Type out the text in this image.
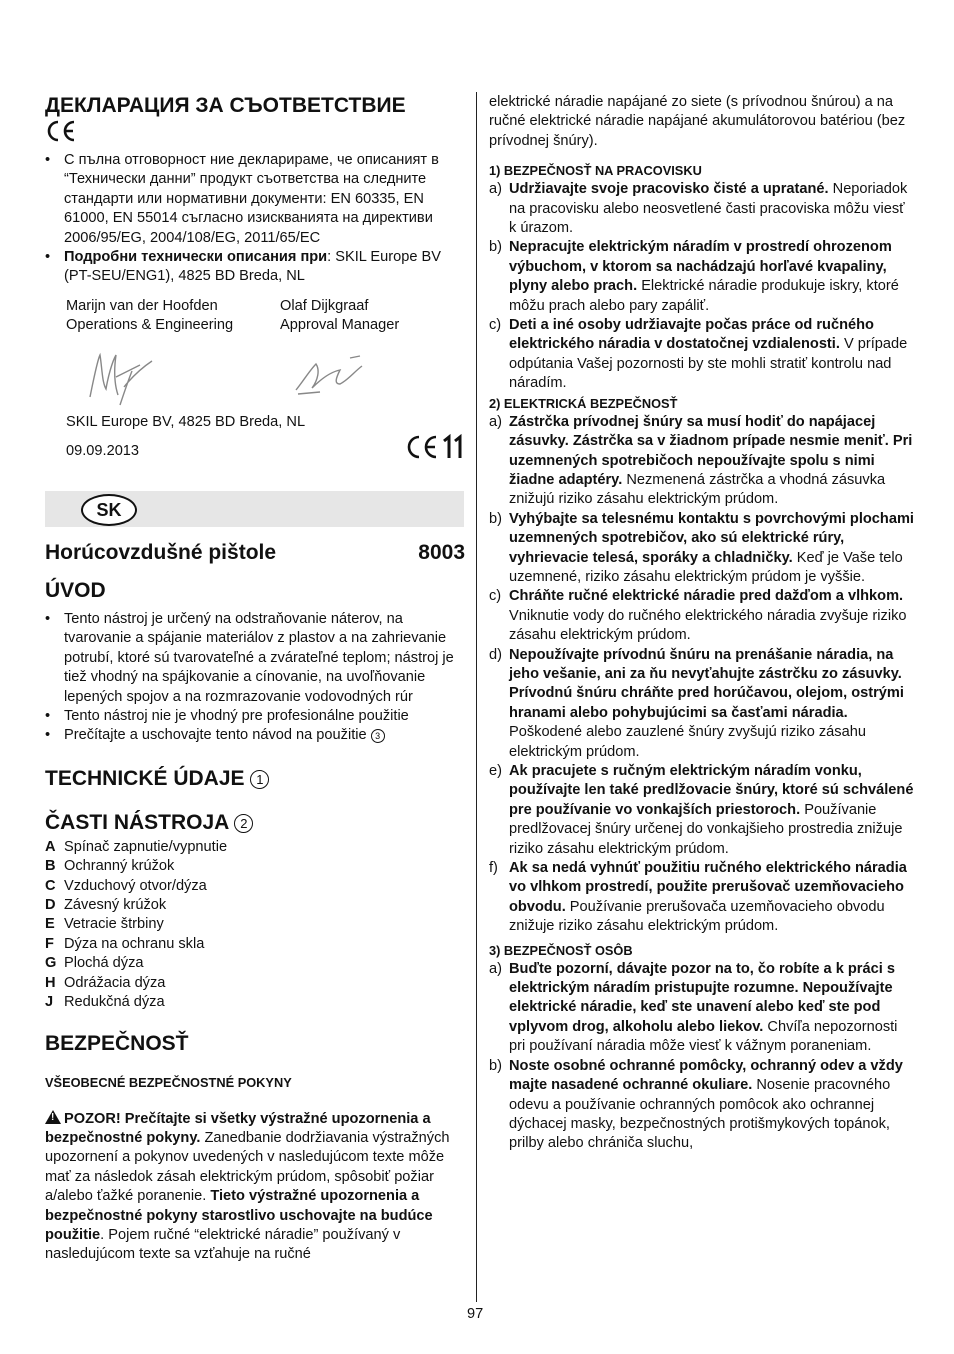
ДЕКЛАРАЦИЯ ЗА СЪОТВЕТСТВИЕ
• С пълна отговорност ние декларираме, че описаният в “Технически данни” продукт съответства на следните стандарти или нормативни документи: EN 60335, EN 61000, EN 55014 съгласно изискванията на директиви 2006/95/EG, 2004/108/EG, 2011/65/EC
• Подробни технически описания при: SKIL Europe BV (PT-SEU/ENG1), 4825 BD Breda, NL
Marijn van der Hoofden
Operations & Engineering
Olaf Dijkgraaf
Approval Manager
SKIL Europe BV, 4825 BD Breda, NL
09.09.2013
SK
Horúcovzdušné pištole	8003
ÚVOD
• Tento nástroj je určený na odstraňovanie náterov, na tvarovanie a spájanie materiálov z plastov a na zahrievanie potrubí, ktoré sú tvarovateľné a zvárateľné teplom; nástroj je tiež vhodný na spájkovanie a cínovanie, na uvoľňovanie lepených spojov a na rozmrazovanie vodovodných rúr
• Tento nástroj nie je vhodný pre profesionálne použitie
• Prečítajte a uschovajte tento návod na použitie 3
TECHNICKÉ ÚDAJE 1
ČASTI NÁSTROJA 2
A Spínač zapnutie/vypnutie
B Ochranný krúžok
C Vzduchový otvor/dýza
D Závesný krúžok
E Vetracie štrbiny
F Dýza na ochranu skla
G Plochá dýza
H Odrážacia dýza
J Redukčná dýza
BEZPEČNOSŤ
VŠEOBECNÉ BEZPEČNOSTNÉ POKYNY
!POZOR! Prečítajte si všetky výstražné upozornenia a bezpečnostné pokyny. Zanedbanie dodržiavania výstražných upozornení a pokynov uvedených v nasledujúcom texte môže mať za následok zásah elektrickým prúdom, spôsobiť požiar a/alebo ťažké poranenie. Tieto výstražné upozornenia a bezpečnostné pokyny starostlivo uschovajte na budúce použitie. Pojem ručné “elektrické náradie” používaný v nasledujúcom texte sa vzťahuje na ručné
elektrické náradie napájané zo siete (s prívodnou šnúrou) a na ručné elektrické náradie napájané akumulátorovou batériou (bez prívodnej šnúry).
1) BEZPEČNOSŤ NA PRACOVISKU
a) Udržiavajte svoje pracovisko čisté a upratané. Neporiadok na pracovisku alebo neosvetlené časti pracoviska môžu viesť k úrazom.
b) Nepracujte elektrickým náradím v prostredí ohrozenom výbuchom, v ktorom sa nachádzajú horľavé kvapaliny, plyny alebo prach. Elektrické náradie produkuje iskry, ktoré môžu prach alebo pary zapáliť.
c) Deti a iné osoby udržiavajte počas práce od ručného elektrického náradia v dostatočnej vzdialenosti. V prípade odpútania Vašej pozornosti by ste mohli stratiť kontrolu nad náradím.
2) ELEKTRICKÁ BEZPEČNOSŤ
a) Zástrčka prívodnej šnúry sa musí hodiť do napájacej zásuvky. Zástrčka sa v žiadnom prípade nesmie meniť. Pri uzemnených spotrebičoch nepoužívajte spolu s nimi žiadne adaptéry. Nezmenená zástrčka a vhodná zásuvka znižujú riziko zásahu elektrickým prúdom.
b) Vyhýbajte sa telesnému kontaktu s povrchovými plochami uzemnených spotrebičov, ako sú elektrické rúry, vyhrievacie telesá, sporáky a chladničky. Keď je Vaše telo uzemnené, riziko zásahu elektrickým prúdom je vyššie.
c) Chráňte ručné elektrické náradie pred dažďom a vlhkom. Vniknutie vody do ručného elektrického náradia zvyšuje riziko zásahu elektrickým prúdom.
d) Nepoužívajte prívodnú šnúru na prenášanie náradia, na jeho vešanie, ani za ňu nevyťahujte zástrčku zo zásuvky. Prívodnú šnúru chráňte pred horúčavou, olejom, ostrými hranami alebo pohybujúcimi sa časťami náradia. Poškodené alebo zauzlené šnúry zvyšujú riziko zásahu elektrickým prúdom.
e) Ak pracujete s ručným elektrickým náradím vonku, používajte len také predlžovacie šnúry, ktoré sú schválené pre používanie vo vonkajších priestoroch. Používanie predlžovacej šnúry určenej do vonkajšieho prostredia znižuje riziko zásahu elektrickým prúdom.
f) Ak sa nedá vyhnúť použitiu ručného elektrického náradia vo vlhkom prostredí, použite prerušovač uzemňovacieho obvodu. Používanie prerušovača uzemňovacieho obvodu znižuje riziko zásahu elektrickým prúdom.
3) BEZPEČNOSŤ OSÔB
a) Buďte pozorní, dávajte pozor na to, čo robíte a k práci s elektrickým náradím pristupujte rozumne. Nepoužívajte elektrické náradie, keď ste unavení alebo keď ste pod vplyvom drog, alkoholu alebo liekov. Chvíľa nepozornosti pri používaní náradia môže viesť k vážnym poraneniam.
b) Noste osobné ochranné pomôcky, ochranný odev a vždy majte nasadené ochranné okuliare. Nosenie pracovného odevu a používanie ochranných pomôcok ako ochrannej dýchacej masky, bezpečnostných protišmykových topánok, prilby alebo chrániča sluchu,
97
